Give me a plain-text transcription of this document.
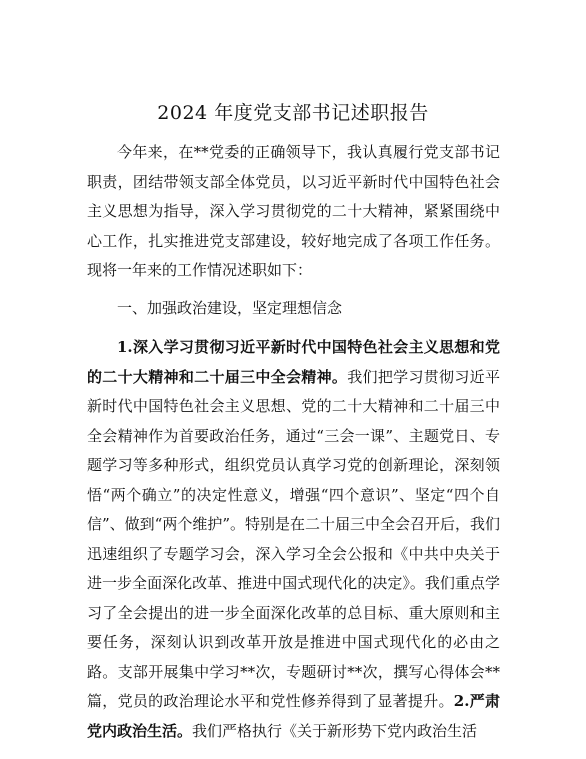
2024 年度党支部书记述职报告

今年来，在**党委的正确领导下，我认真履行党支部书记职责，团结带领支部全体党员，以习近平新时代中国特色社会主义思想为指导，深入学习贯彻党的二十大精神，紧紧围绕中心工作，扎实推进党支部建设，较好地完成了各项工作任务。现将一年来的工作情况述职如下：

一、加强政治建设，坚定理想信念

1.深入学习贯彻习近平新时代中国特色社会主义思想和党的二十大精神和二十届三中全会精神。我们把学习贯彻习近平新时代中国特色社会主义思想、党的二十大精神和二十届三中全会精神作为首要政治任务，通过“三会一课”、主题党日、专题学习等多种形式，组织党员认真学习党的创新理论，深刻领悟“两个确立”的决定性意义，增强“四个意识”、坚定“四个自信”、做到“两个维护”。特别是在二十届三中全会召开后，我们迅速组织了专题学习会，深入学习全会公报和《中共中央关于进一步全面深化改革、推进中国式现代化的决定》。我们重点学习了全会提出的进一步全面深化改革的总目标、重大原则和主要任务，深刻认识到改革开放是推进中国式现代化的必由之路。支部开展集中学习**次，专题研讨**次，撰写心得体会**篇，党员的政治理论水平和党性修养得到了显著提升。2.严肃党内政治生活。我们严格执行《关于新形势下党内政治生活
